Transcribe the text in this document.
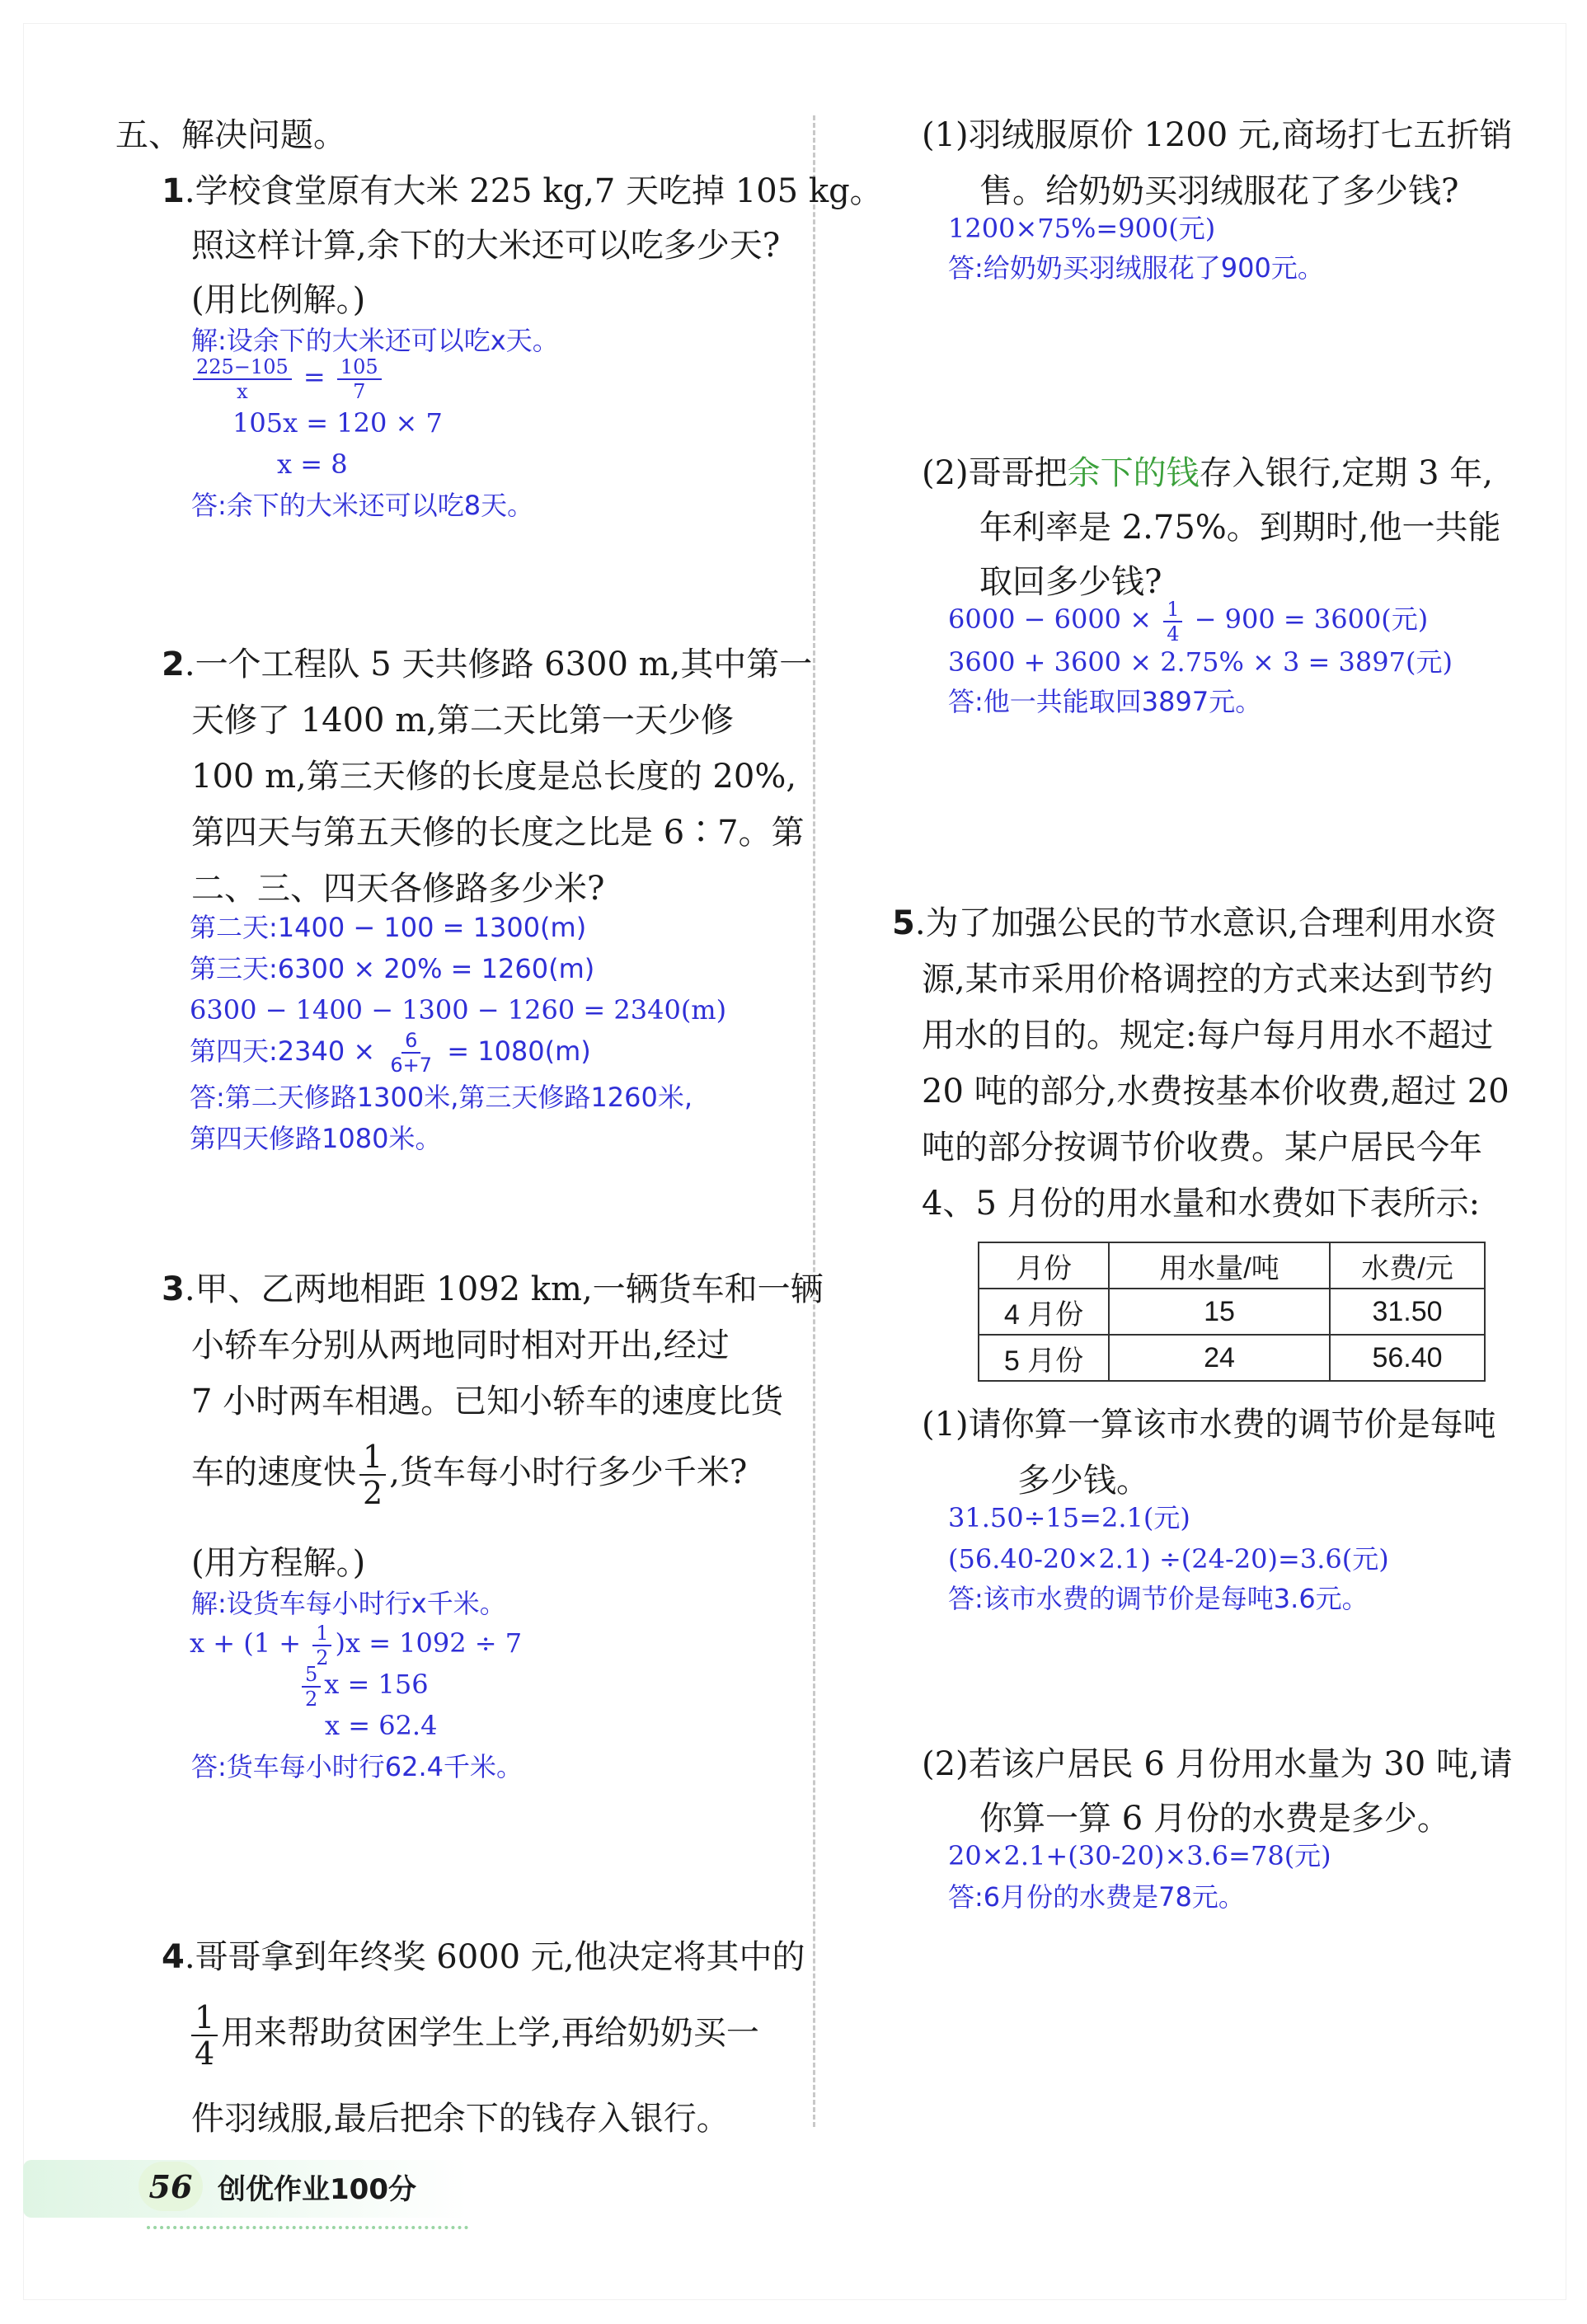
五、解决问题。
1.学校食堂原有大米 225 kg,7 天吃掉 105 kg。
照这样计算,余下的大米还可以吃多少天?
(用比例解。)
解:设余下的大米还可以吃x天。
$\frac{225-105}{x} = \frac{105}{7}$
105x = 120 × 7
x = 8
答:余下的大米还可以吃8天。
2.一个工程队 5 天共修路 6300 m,其中第一
天修了 1400 m,第二天比第一天少修
100 m,第三天修的长度是总长度的 20%,
第四天与第五天修的长度之比是 6∶7。第
二、三、四天各修路多少米?
第二天:1400 − 100 = 1300(m)
第三天:6300 × 20% = 1260(m)
6300 − 1400 − 1300 − 1260 = 2340(m)
第四天:2340 × $\frac{6}{6+7} = 1080(m)$
答:第二天修路1300米,第三天修路1260米,
第四天修路1080米。
3.甲、乙两地相距 1092 km,一辆货车和一辆
小轿车分别从两地同时相对开出,经过
7 小时两车相遇。已知小轿车的速度比货
车的速度快 $\frac{1}{2}$ ,货车每小时行多少千米?
(用方程解。)
解:设货车每小时行x千米。
$x + (1 + \frac{1}{2} )x = 1092 \div 7$
$\frac{5}{2}$ x = 156
x = 62.4
答:货车每小时行62.4千米。
4.哥哥拿到年终奖 6000 元,他决定将其中的
$\frac{1}{4}$ 用来帮助贫困学生上学,再给奶奶买一
件羽绒服,最后把余下的钱存入银行。
(1)羽绒服原价 1200 元,商场打七五折销
售。给奶奶买羽绒服花了多少钱?
1200×75%=900(元)
答:给奶奶买羽绒服花了900元。
(2)哥哥把余下的钱存入银行,定期 3 年,
年利率是 2.75%。到期时,他一共能
取回多少钱?
$6000 - 6000 \times \frac{1}{4} - 900 = 3600$(元)
3600 + 3600 × 2.75% × 3 = 3897(元)
答:他一共能取回3897元。
5.为了加强公民的节水意识,合理利用水资
源,某市采用价格调控的方式来达到节约
用水的目的。规定:每户每月用水不超过
20 吨的部分,水费按基本价收费,超过 20
吨的部分按调节价收费。某户居民今年
4、5 月份的用水量和水费如下表所示:
月份	用水量/吨	水费/元
4 月份	15	31.50
5 月份	24	56.40
(1)请你算一算该市水费的调节价是每吨
多少钱。
31.50÷15=2.1(元)
(56.40-20×2.1) ÷(24-20)=3.6(元)
答:该市水费的调节价是每吨3.6元。
(2)若该户居民 6 月份用水量为 30 吨,请
你算一算 6 月份的水费是多少。
20×2.1+(30-20)×3.6=78(元)
答:6月份的水费是78元。
56 创优作业100分
